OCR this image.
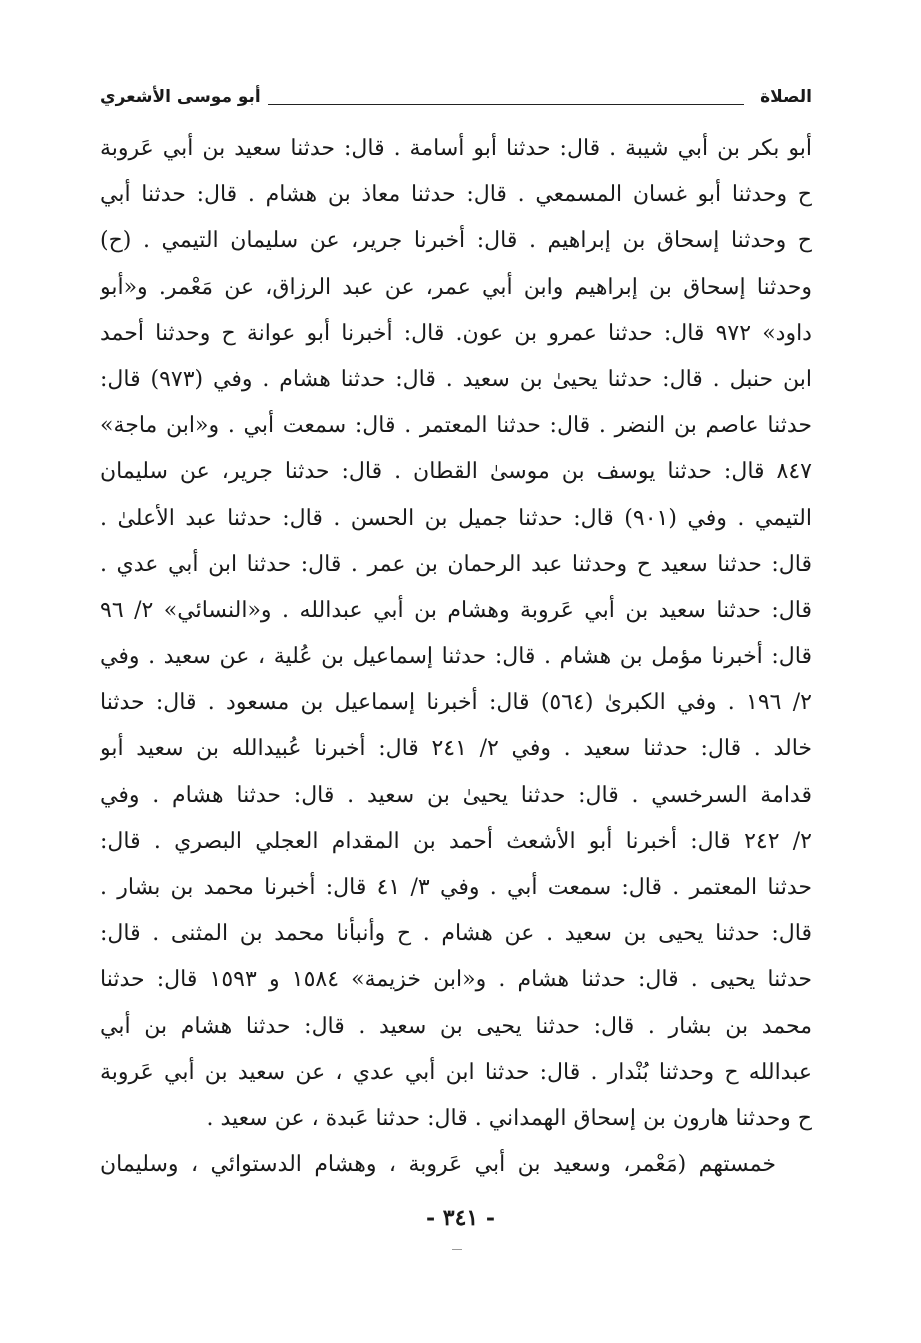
الصلاة
أبو موسى الأشعري
أبو بكر بن أبي شيبة . قال: حدثنا أبو أسامة . قال: حدثنا سعيد بن أبي عَروبة
ح وحدثنا أبو غسان المسمعي . قال: حدثنا معاذ بن هشام . قال: حدثنا أبي
ح وحدثنا إسحاق بن إبراهيم . قال: أخبرنا جرير، عن سليمان التيمي . (ح)
وحدثنا إسحاق بن إبراهيم وابن أبي عمر، عن عبد الرزاق، عن مَعْمر. و«أبو
داود» ٩٧٢ قال: حدثنا عمرو بن عون. قال: أخبرنا أبو عوانة ح وحدثنا أحمد
ابن حنبل . قال: حدثنا يحيىٰ بن سعيد . قال: حدثنا هشام . وفي (٩٧٣) قال:
حدثنا عاصم بن النضر . قال: حدثنا المعتمر . قال: سمعت أبي . و«ابن ماجة»
٨٤٧ قال: حدثنا يوسف بن موسىٰ القطان . قال: حدثنا جرير، عن سليمان
التيمي . وفي (٩٠١) قال: حدثنا جميل بن الحسن . قال: حدثنا عبد الأعلىٰ .
قال: حدثنا سعيد ح وحدثنا عبد الرحمان بن عمر . قال: حدثنا ابن أبي عدي .
قال: حدثنا سعيد بن أبي عَروبة وهشام بن أبي عبدالله . و«النسائي» ٢/ ٩٦
قال: أخبرنا مؤمل بن هشام . قال: حدثنا إسماعيل بن عُلية ، عن سعيد . وفي
٢/ ١٩٦ . وفي الكبرىٰ (٥٦٤) قال: أخبرنا إسماعيل بن مسعود . قال: حدثنا
خالد . قال: حدثنا سعيد . وفي ٢/ ٢٤١ قال: أخبرنا عُبيدالله بن سعيد أبو
قدامة السرخسي . قال: حدثنا يحيىٰ بن سعيد . قال: حدثنا هشام . وفي
٢/ ٢٤٢ قال: أخبرنا أبو الأشعث أحمد بن المقدام العجلي البصري . قال:
حدثنا المعتمر . قال: سمعت أبي . وفي ٣/ ٤١ قال: أخبرنا محمد بن بشار .
قال: حدثنا يحيى بن سعيد . عن هشام . ح وأنبأنا محمد بن المثنى . قال:
حدثنا يحيى . قال: حدثنا هشام . و«ابن خزيمة» ١٥٨٤ و ١٥٩٣ قال: حدثنا
محمد بن بشار . قال: حدثنا يحيى بن سعيد . قال: حدثنا هشام بن أبي
عبدالله ح وحدثنا بُنْدار . قال: حدثنا ابن أبي عدي ، عن سعيد بن أبي عَروبة
ح وحدثنا هارون بن إسحاق الهمداني . قال: حدثنا عَبدة ، عن سعيد .
خمستهم (مَعْمر، وسعيد بن أبي عَروبة ، وهشام الدستوائي ، وسليمان
- ٣٤١ -
